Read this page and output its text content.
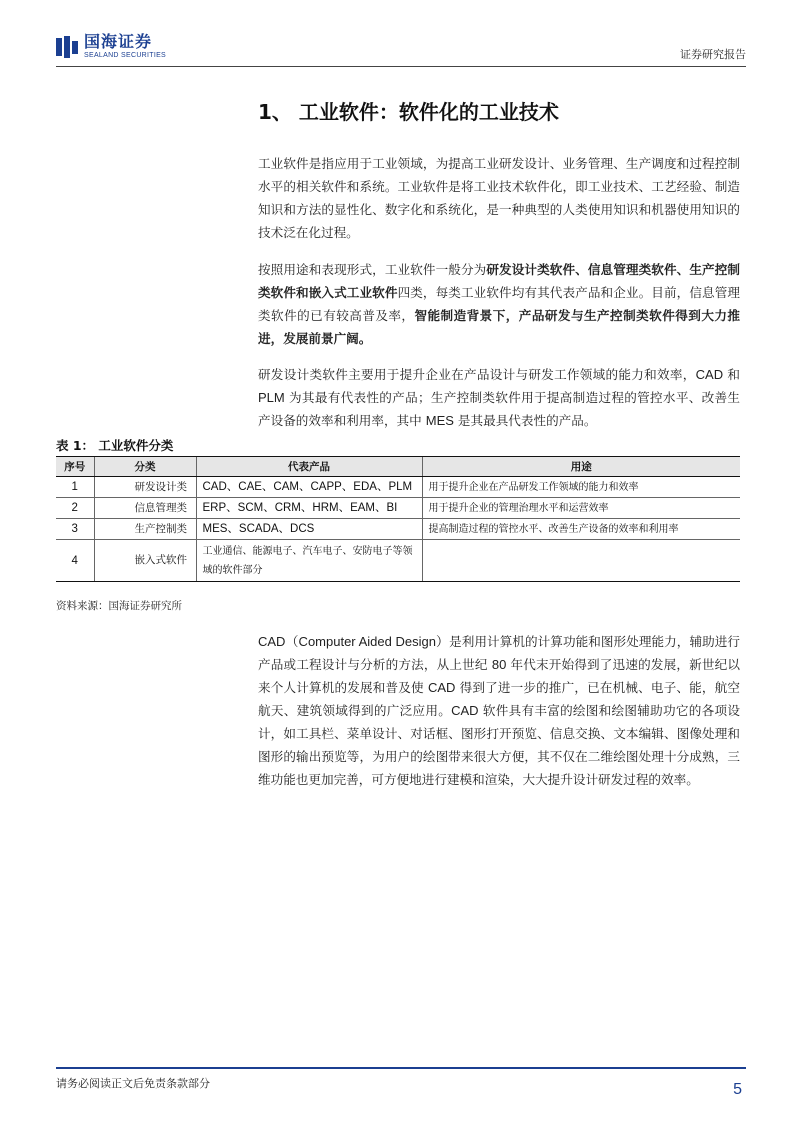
国海证券
SEALAND SECURITIES	证券研究报告
1、 工业软件：软件化的工业技术
工业软件是指应用于工业领域，为提高工业研发设计、业务管理、生产调度和过程控制水平的相关软件和系统。工业软件是将工业技术软件化，即工业技术、工艺经验、制造知识和方法的显性化、数字化和系统化，是一种典型的人类使用知识和机器使用知识的技术泛在化过程。
按照用途和表现形式，工业软件一般分为研发设计类软件、信息管理类软件、生产控制类软件和嵌入式工业软件四类，每类工业软件均有其代表产品和企业。目前，信息管理类软件的已有较高普及率，智能制造背景下，产品研发与生产控制类软件得到大力推进，发展前景广阔。
研发设计类软件主要用于提升企业在产品设计与研发工作领域的能力和效率，CAD 和 PLM 为其最有代表性的产品；生产控制类软件用于提高制造过程的管控水平、改善生产设备的效率和利用率，其中 MES 是其最具代表性的产品。
表 1： 工业软件分类
序号	分类	代表产品	用途
1	研发设计类	CAD、CAE、CAM、CAPP、EDA、PLM	用于提升企业在产品研发工作领域的能力和效率
2	信息管理类	ERP、SCM、CRM、HRM、EAM、BI	用于提升企业的管理治理水平和运营效率
3	生产控制类	MES、SCADA、DCS	提高制造过程的管控水平、改善生产设备的效率和利用率
4	嵌入式软件	工业通信、能源电子、汽车电子、安防电子等领域的软件部分	
资料来源：国海证券研究所
CAD（Computer Aided Design）是利用计算机的计算功能和图形处理能力，辅助进行产品或工程设计与分析的方法，从上世纪 80 年代末开始得到了迅速的发展，新世纪以来个人计算机的发展和普及使 CAD 得到了进一步的推广，已在机械、电子、能，航空航天、建筑领域得到的广泛应用。CAD 软件具有丰富的绘图和绘图辅助功它的各项设计，如工具栏、菜单设计、对话框、图形打开预览、信息交换、文本编辑、图像处理和图形的输出预览等，为用户的绘图带来很大方便，其不仅在二维绘图处理十分成熟，三维功能也更加完善，可方便地进行建模和渲染，大大提升设计研发过程的效率。
请务必阅读正文后免责条款部分	5
